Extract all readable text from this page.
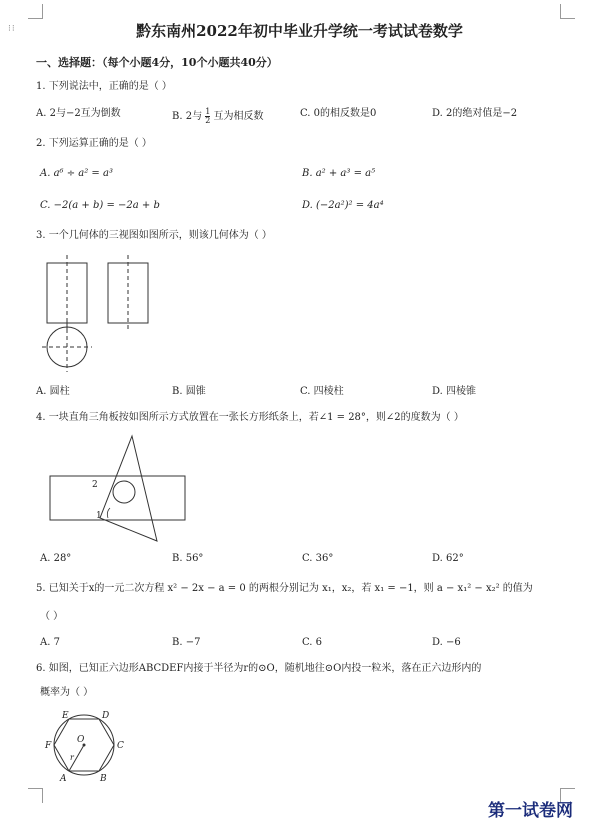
⁝⁝	黔东南州2022年初中毕业升学统一考试试卷数学
一、选择题：（每个小题4分，10个小题共40分）
1. 下列说法中，正确的是（ ）
A. 2与−2互为倒数	B. 2与 $\frac{1}{2}$ 互为相反数	C. 0的相反数是0	D. 2的绝对值是−2
2. 下列运算正确的是（ ）
A. a⁶ ÷ a² = a³	B. a² + a³ = a⁵
C. −2(a + b) = −2a + b	D. (−2a²)² = 4a⁴
3. 一个几何体的三视图如图所示，则该几何体为（ ）
A. 圆柱	B. 圆锥	C. 四棱柱	D. 四棱锥
4. 一块直角三角板按如图所示方式放置在一张长方形纸条上，若∠1 = 28°，则∠2的度数为（ ）
1
2
A. 28°	B. 56°	C. 36°	D. 62°
5. 已知关于x的一元二次方程 x² − 2x − a = 0 的两根分别记为 x₁，x₂，若 x₁ = −1，则 a − x₁² − x₂² 的值为
（ ）
A. 7	B. −7	C. 6	D. −6
6. 如图，已知正六边形ABCDEF内接于半径为r的⊙O，随机地往⊙O内投一粒米，落在正六边形内的
概率为（ ）
E	D
F	C
A	B
O
r
第一试卷网
